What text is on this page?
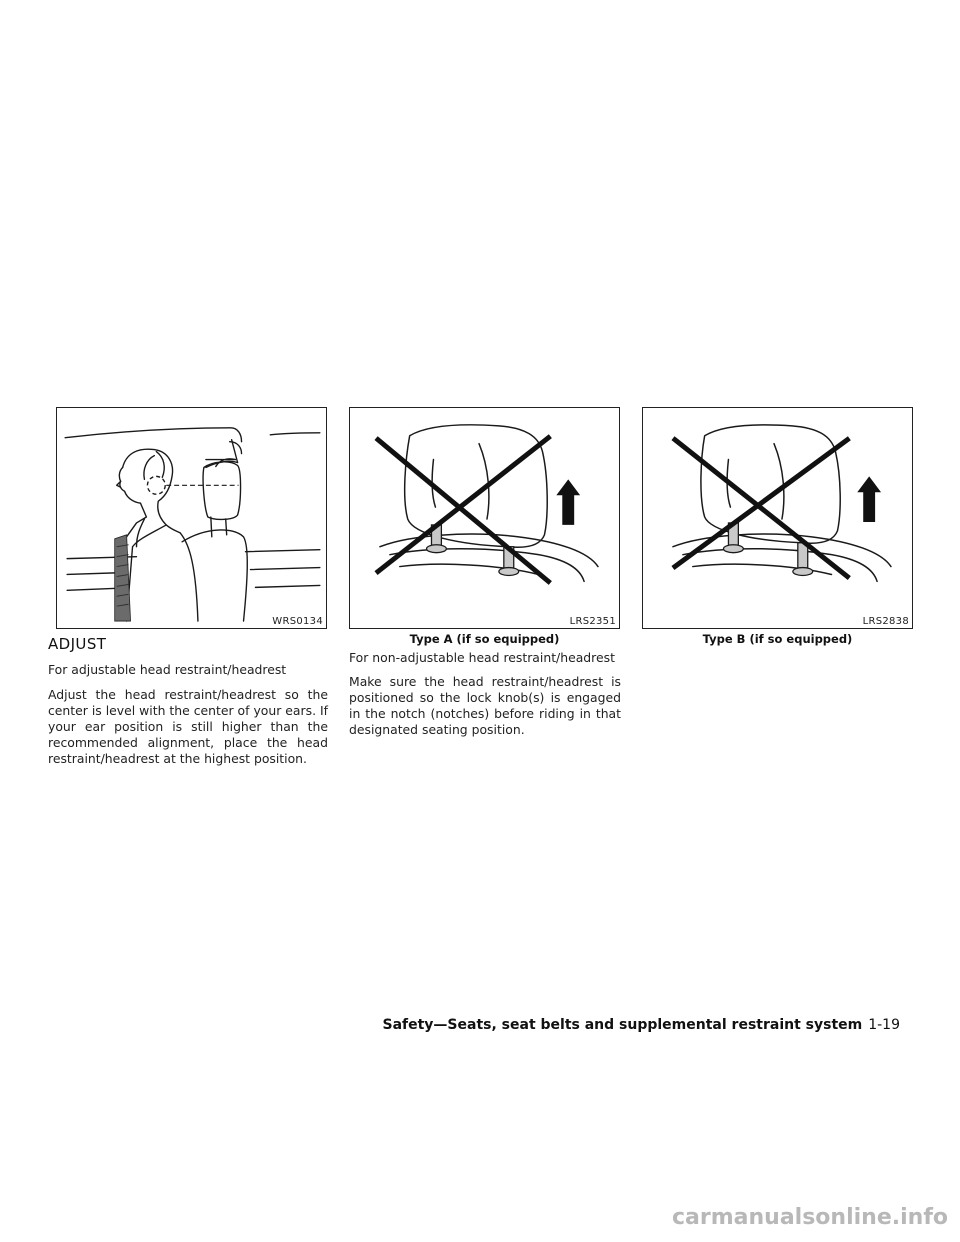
WRS0134	LRS2351
Type A (if so equipped)
LRS2838
Type B (if so equipped)
ADJUST

For adjustable head restraint/headrest

Adjust the head restraint/headrest so the center is level with the center of your ears. If your ear position is still higher than the recommended alignment, place the head restraint/headrest at the highest position.

For non-adjustable head restraint/headrest

Make sure the head restraint/headrest is positioned so the lock knob(s) is engaged in the notch (notches) before riding in that designated seating position.

Safety—Seats, seat belts and supplemental restraint system 1-19
carmanualsonline.info
